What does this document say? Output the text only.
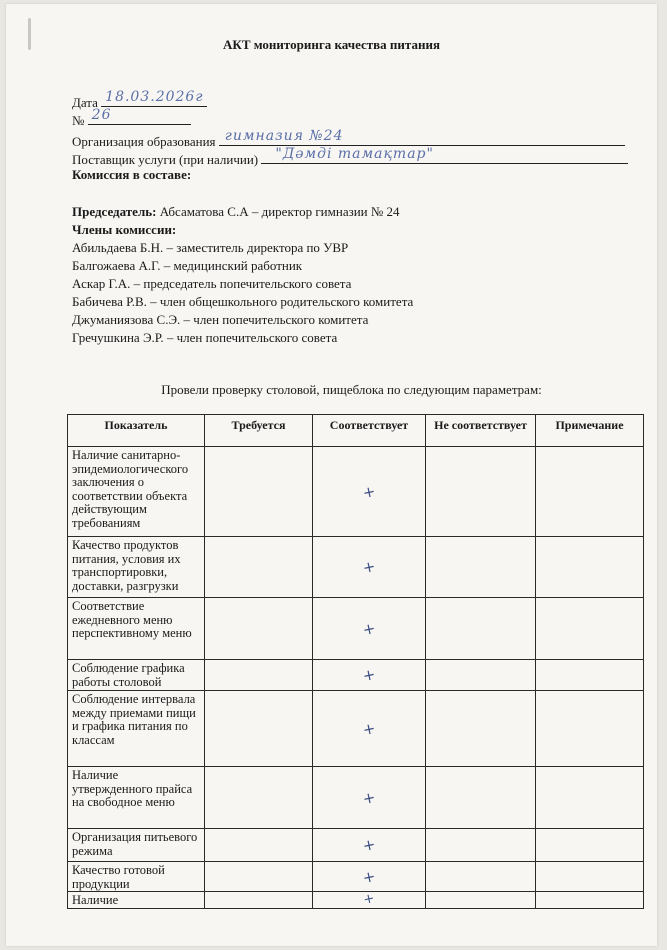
АКТ мониторинга качества питания
Дата 18.03.2026г
№ 26
Организация образования гимназия №24
Поставщик услуги (при наличии) "Дәмді тамақтар"
Комиссия в составе:
Председатель: Абсаматова С.А – директор гимназии № 24
Члены комиссии:
Абильдаева Б.Н. – заместитель директора по УВР
Балгожаева А.Г. – медицинский работник
Аскар Г.А. – председатель попечительского совета
Бабичева Р.В. – член общешкольного родительского комитета
Джуманиязова С.Э. – член попечительского комитета
Гречушкина Э.Р. – член попечительского совета
Провели проверку столовой, пищеблока по следующим параметрам:
Показатель	Требуется	Соответствует	Не соответствует	Примечание
Наличие санитарно-эпидемиологического заключения о соответствии объекта действующим требованиям		+		

Качество продуктов питания, условия их транспортировки, доставки, разгрузки		+		

Соответствие ежедневного меню перспективному меню		+		

Соблюдение графика работы столовой		+		

Соблюдение интервала между приемами пищи и графика питания по классам		+		

Наличие утвержденного прайса на свободное меню		+		

Организация питьевого режима		+		

Качество готовой продукции		+		

Наличие		+		
